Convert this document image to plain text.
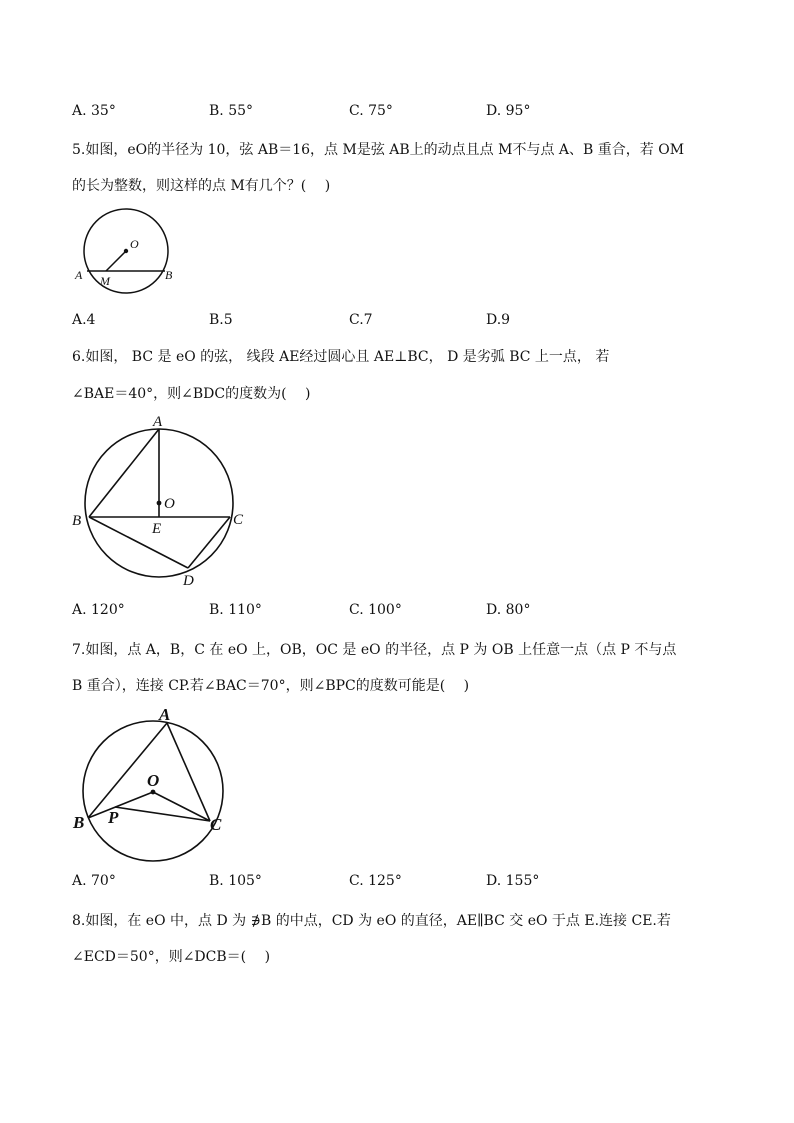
A. 35°	B. 55°	C. 75°	D. 95°
5.如图，eO的半径为 10，弦 AB＝16，点 M是弦 AB上的动点且点 M不与点 A、B 重合，若 OM
的长为整数，则这样的点 M有几个？(　 )
O
A	B
M
A.4	B.5	C.7	D.9
6.如图， BC 是 eO 的弦， 线段 AE经过圆心且 AE⊥BC， D 是劣弧 BC 上一点， 若
∠BAE＝40°，则∠BDC的度数为(　 )
A
O
B	C
E
D
A. 120°	B. 110°	C. 100°	D. 80°
7.如图，点 A，B，C 在 eO 上，OB，OC 是 eO 的半径，点 P 为 OB 上任意一点（点 P 不与点
B 重合），连接 CP.若∠BAC＝70°，则∠BPC的度数可能是(　 )
A
O
B P	C
A. 70°	B. 105°	C. 125°	D. 155°
8.如图，在 eO 中，点 D 为 ∌B 的中点，CD 为 eO 的直径，AE∥BC 交 eO 于点 E.连接 CE.若
∠ECD＝50°，则∠DCB＝(　 )
